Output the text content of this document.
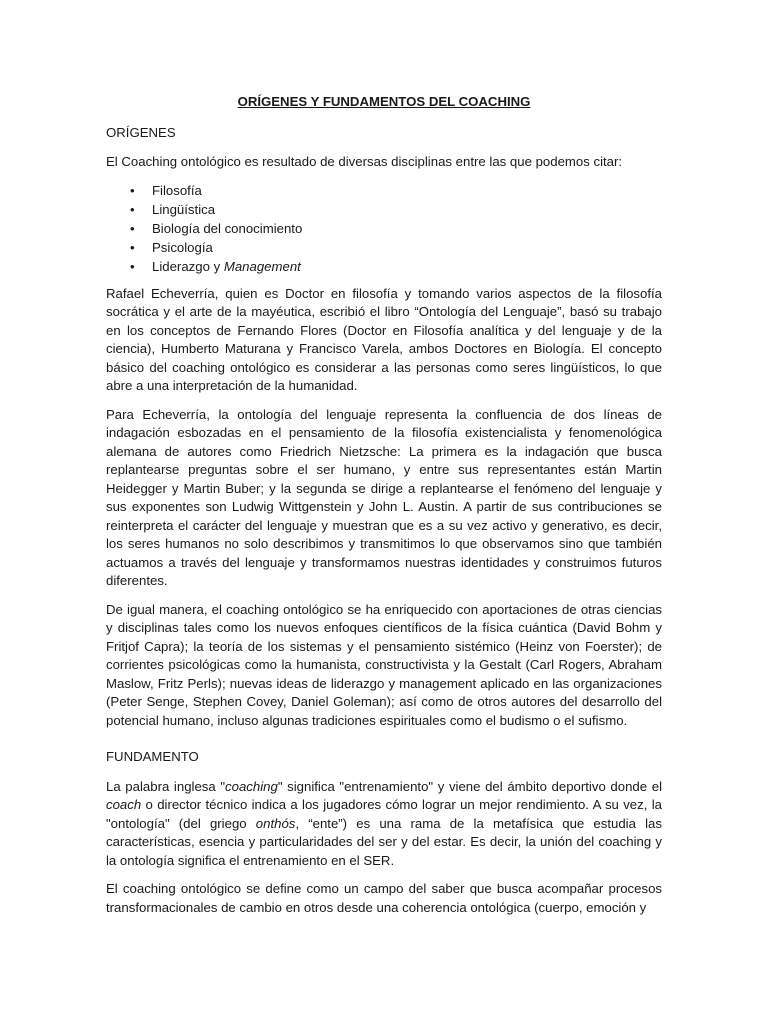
ORÍGENES Y FUNDAMENTOS DEL COACHING
ORÍGENES

El Coaching ontológico es resultado de diversas disciplinas entre las que podemos citar:

• Filosofía
• Lingüística
• Biología del conocimiento
• Psicología
• Liderazgo y Management

Rafael Echeverría, quien es Doctor en filosofía y tomando varios aspectos de la filosofía socrática y el arte de la mayéutica, escribió el libro “Ontología del Lenguaje”, basó su trabajo en los conceptos de Fernando Flores (Doctor en Filosofía analítica y del lenguaje y de la ciencia), Humberto Maturana y Francisco Varela, ambos Doctores en Biología. El concepto básico del coaching ontológico es considerar a las personas como seres lingüísticos, lo que abre a una interpretación de la humanidad.

Para Echeverría, la ontología del lenguaje representa la confluencia de dos líneas de indagación esbozadas en el pensamiento de la filosofía existencialista y fenomenológica alemana de autores como Friedrich Nietzsche: La primera es la indagación que busca replantearse preguntas sobre el ser humano, y entre sus representantes están Martin Heidegger y Martin Buber; y la segunda se dirige a replantearse el fenómeno del lenguaje y sus exponentes son Ludwig Wittgenstein y John L. Austin. A partir de sus contribuciones se reinterpreta el carácter del lenguaje y muestran que es a su vez activo y generativo, es decir, los seres humanos no solo describimos y transmitimos lo que observamos sino que también actuamos a través del lenguaje y transformamos nuestras identidades y construimos futuros diferentes.

De igual manera, el coaching ontológico se ha enriquecido con aportaciones de otras ciencias y disciplinas tales como los nuevos enfoques científicos de la física cuántica (David Bohm y Fritjof Capra); la teoría de los sistemas y el pensamiento sistémico (Heinz von Foerster); de corrientes psicológicas como la humanista, constructivista y la Gestalt (Carl Rogers, Abraham Maslow, Fritz Perls); nuevas ideas de liderazgo y management aplicado en las organizaciones (Peter Senge, Stephen Covey, Daniel Goleman); así como de otros autores del desarrollo del potencial humano, incluso algunas tradiciones espirituales como el budismo o el sufismo.

FUNDAMENTO

La palabra inglesa "coaching" significa "entrenamiento" y viene del ámbito deportivo donde el coach o director técnico indica a los jugadores cómo lograr un mejor rendimiento. A su vez, la "ontología" (del griego onthós, “ente”) es una rama de la metafísica que estudia las características, esencia y particularidades del ser y del estar. Es decir, la unión del coaching y la ontología significa el entrenamiento en el SER.

El coaching ontológico se define como un campo del saber que busca acompañar procesos transformacionales de cambio en otros desde una coherencia ontológica (cuerpo, emoción y
